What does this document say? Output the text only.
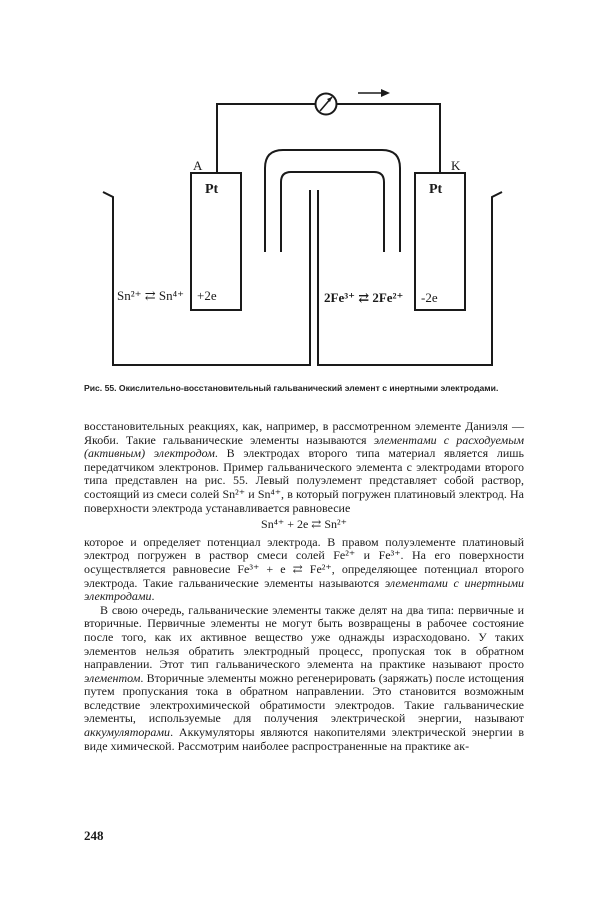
A	K
Pt	Pt
Sn²⁺ ⇄ Sn⁴⁺ +2e	2Fe³⁺ ⇄ 2Fe²⁺ -2e
Рис. 55. Окислительно-восстановительный гальванический элемент с инертными электродами.

восстановительных реакциях, как, например, в рассмотренном элементе Даниэля — Якоби. Такие гальванические элементы называются элементами с расходуемым (активным) электродом. В электродах второго типа материал является лишь передатчиком электронов. Пример гальванического элемента с электродами второго типа представлен на рис. 55. Левый полуэлемент представляет собой раствор, состоящий из смеси солей Sn²⁺ и Sn⁴⁺, в который погружен платиновый электрод. На поверхности электрода устанавливается равновесие

Sn⁴⁺ + 2e ⇄ Sn²⁺

которое и определяет потенциал электрода. В правом полуэлементе платиновый электрод погружен в раствор смеси солей Fe²⁺ и Fe³⁺. На его поверхности осуществляется равновесие Fe³⁺ + e ⇄ Fe²⁺, определяющее потенциал второго электрода. Такие гальванические элементы называются элементами с инертными электродами.

В свою очередь, гальванические элементы также делят на два типа: первичные и вторичные. Первичные элементы не могут быть возвращены в рабочее состояние после того, как их активное вещество уже однажды израсходовано. У таких элементов нельзя обратить электродный процесс, пропуская ток в обратном направлении. Этот тип гальванического элемента на практике называют просто элементом. Вторичные элементы можно регенерировать (заряжать) после истощения путем пропускания тока в обратном направлении. Это становится возможным вследствие электрохимической обратимости электродов. Такие гальванические элементы, используемые для получения электрической энергии, называют аккумуляторами. Аккумуляторы являются накопителями электрической энергии в виде химической. Рассмотрим наиболее распространенные на практике ак-

248
